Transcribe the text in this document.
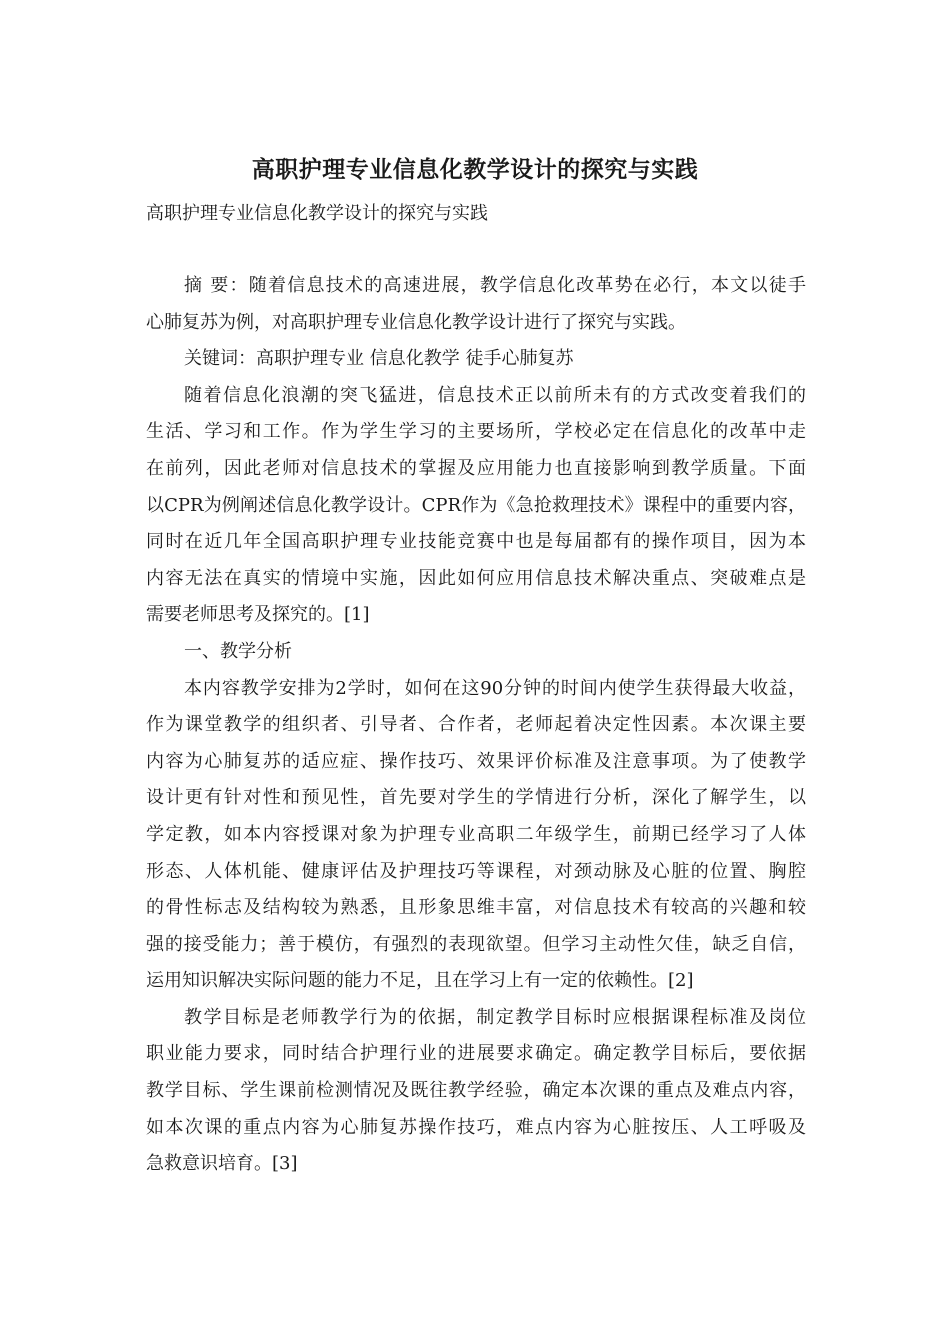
高职护理专业信息化教学设计的探究与实践
高职护理专业信息化教学设计的探究与实践
摘 要：随着信息技术的高速进展，教学信息化改革势在必行，本文以徒手
心肺复苏为例，对高职护理专业信息化教学设计进行了探究与实践。
关键词：高职护理专业 信息化教学 徒手心肺复苏
随着信息化浪潮的突飞猛进，信息技术正以前所未有的方式改变着我们的
生活、学习和工作。作为学生学习的主要场所，学校必定在信息化的改革中走
在前列，因此老师对信息技术的掌握及应用能力也直接影响到教学质量。下面
以CPR为例阐述信息化教学设计。CPR作为《急抢救理技术》课程中的重要内容，
同时在近几年全国高职护理专业技能竞赛中也是每届都有的操作项目，因为本
内容无法在真实的情境中实施，因此如何应用信息技术解决重点、突破难点是
需要老师思考及探究的。[1]
一、教学分析
本内容教学安排为2学时，如何在这90分钟的时间内使学生获得最大收益，
作为课堂教学的组织者、引导者、合作者，老师起着决定性因素。本次课主要
内容为心肺复苏的适应症、操作技巧、效果评价标准及注意事项。为了使教学
设计更有针对性和预见性，首先要对学生的学情进行分析，深化了解学生，以
学定教，如本内容授课对象为护理专业高职二年级学生，前期已经学习了人体
形态、人体机能、健康评估及护理技巧等课程，对颈动脉及心脏的位置、胸腔
的骨性标志及结构较为熟悉，且形象思维丰富，对信息技术有较高的兴趣和较
强的接受能力；善于模仿，有强烈的表现欲望。但学习主动性欠佳，缺乏自信，
运用知识解决实际问题的能力不足，且在学习上有一定的依赖性。[2]
教学目标是老师教学行为的依据，制定教学目标时应根据课程标准及岗位
职业能力要求，同时结合护理行业的进展要求确定。确定教学目标后，要依据
教学目标、学生课前检测情况及既往教学经验，确定本次课的重点及难点内容，
如本次课的重点内容为心肺复苏操作技巧，难点内容为心脏按压、人工呼吸及
急救意识培育。[3]
